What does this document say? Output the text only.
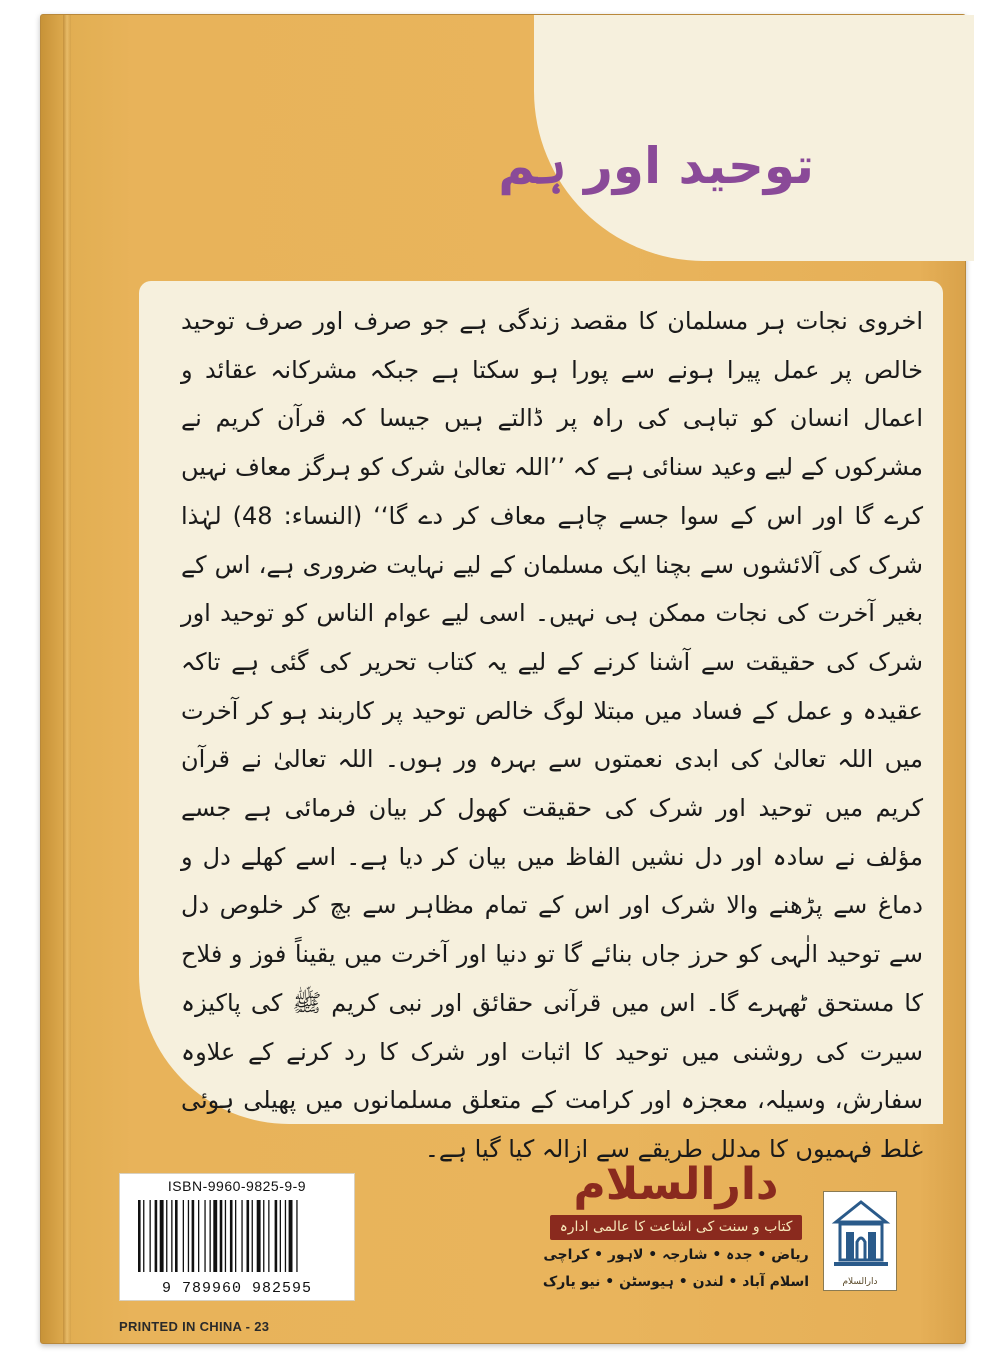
توحید اور ہم

اخروی نجات ہر مسلمان کا مقصد زندگی ہے جو صرف اور صرف توحید خالص پر عمل پیرا ہونے سے پورا ہو سکتا ہے جبکہ مشرکانہ عقائد و اعمال انسان کو تباہی کی راہ پر ڈالتے ہیں جیسا کہ قرآن کریم نے مشرکوں کے لیے وعید سنائی ہے کہ ’’اللہ تعالیٰ شرک کو ہرگز معاف نہیں کرے گا اور اس کے سوا جسے چاہے معاف کر دے گا‘‘ (النساء: 48) لہٰذا شرک کی آلائشوں سے بچنا ایک مسلمان کے لیے نہایت ضروری ہے، اس کے بغیر آخرت کی نجات ممکن ہی نہیں۔ اسی لیے عوام الناس کو توحید اور شرک کی حقیقت سے آشنا کرنے کے لیے یہ کتاب تحریر کی گئی ہے تاکہ عقیدہ و عمل کے فساد میں مبتلا لوگ خالص توحید پر کاربند ہو کر آخرت میں اللہ تعالیٰ کی ابدی نعمتوں سے بہرہ ور ہوں۔ اللہ تعالیٰ نے قرآن کریم میں توحید اور شرک کی حقیقت کھول کر بیان فرمائی ہے جسے مؤلف نے سادہ اور دل نشیں الفاظ میں بیان کر دیا ہے۔ اسے کھلے دل و دماغ سے پڑھنے والا شرک اور اس کے تمام مظاہر سے بچ کر خلوص دل سے توحید الٰہی کو حرز جاں بنائے گا تو دنیا اور آخرت میں یقیناً فوز و فلاح کا مستحق ٹھہرے گا۔ اس میں قرآنی حقائق اور نبی کریم ﷺ کی پاکیزہ سیرت کی روشنی میں توحید کا اثبات اور شرک کا رد کرنے کے علاوہ سفارش، وسیلہ، معجزہ اور کرامت کے متعلق مسلمانوں میں پھیلی ہوئی غلط فہمیوں کا مدلل طریقے سے ازالہ کیا گیا ہے۔

ISBN-9960-9825-9-9
9 789960 982595
PRINTED IN CHINA - 23
دارالسلام
کتاب و سنت کی اشاعت کا عالمی ادارہ
ریاض • جدہ • شارجہ • لاہور • کراچی
اسلام آباد • لندن • ہیوسٹن • نیو یارک	دارالسلام
